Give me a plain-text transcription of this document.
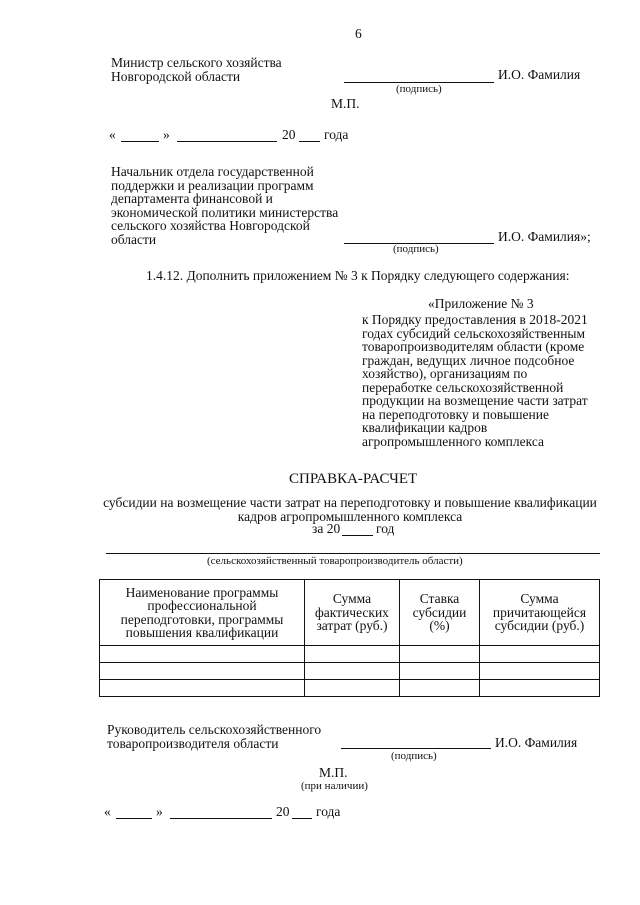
6
Министр сельского хозяйства Новгородской области	И.О. Фамилия
(подпись)
М.П.
«	»	20 года
Начальник отдела государственной поддержки и реализации программ департамента финансовой и экономической политики министерства сельского хозяйства Новгородской области	И.О. Фамилия»;
(подпись)
1.4.12. Дополнить приложением № 3 к Порядку следующего содержания:
«Приложение № 3
к Порядку предоставления в 2018-2021 годах субсидий сельскохозяйственным товаропроизводителям области (кроме граждан, ведущих личное подсобное хозяйство), организациям по переработке сельскохозяйственной продукции на возмещение части затрат на переподготовку и повышение квалификации кадров агропромышленного комплекса
СПРАВКА-РАСЧЕТ
субсидии на возмещение части затрат на переподготовку и повышение квалификации кадров агропромышленного комплекса
за 20	год
(сельскохозяйственный товаропроизводитель области)
Наименование программы профессиональной переподготовки, программы повышения квалификации	Сумма фактических затрат (руб.)	Ставка субсидии (%)	Сумма причитающейся субсидии (руб.)

Руководитель сельскохозяйственного товаропроизводителя области	И.О. Фамилия
(подпись)
М.П.
(при наличии)
«	»	20 года
